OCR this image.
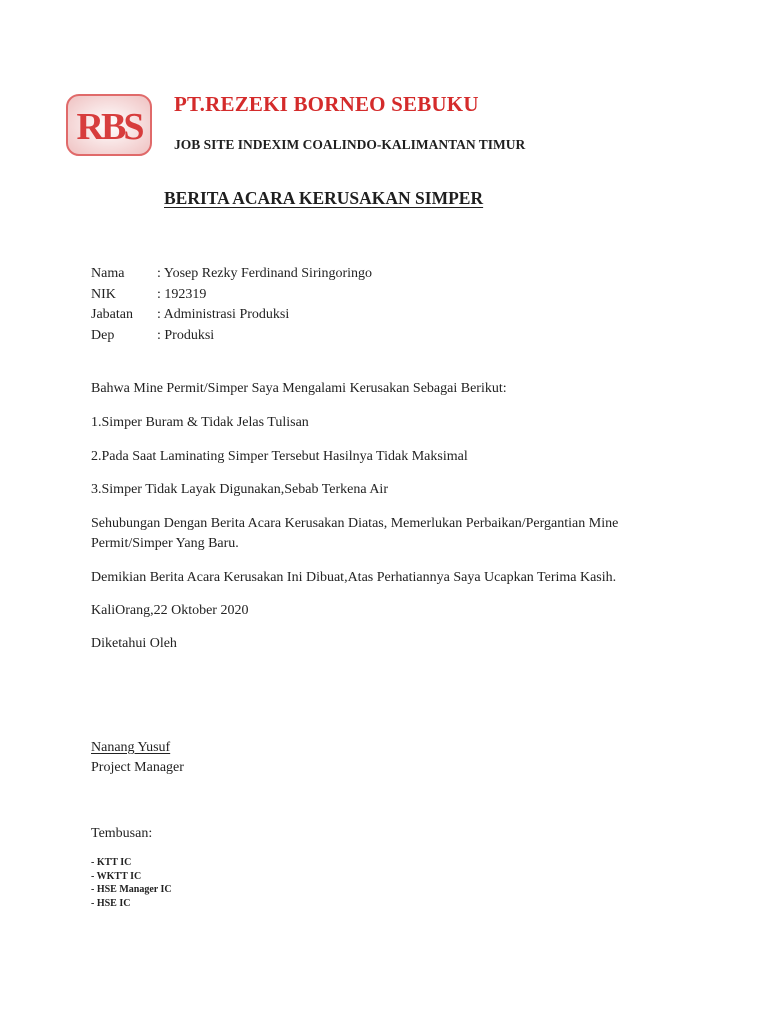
RBS
PT.REZEKI BORNEO SEBUKU
JOB SITE INDEXIM COALINDO-KALIMANTAN TIMUR
BERITA ACARA KERUSAKAN SIMPER
Nama	: Yosep Rezky Ferdinand Siringoringo
NIK	: 192319
Jabatan	: Administrasi Produksi
Dep	: Produksi
Bahwa Mine Permit/Simper Saya Mengalami Kerusakan Sebagai Berikut:
1.Simper Buram & Tidak Jelas Tulisan
2.Pada Saat Laminating Simper Tersebut Hasilnya Tidak Maksimal
3.Simper Tidak Layak Digunakan,Sebab Terkena Air
Sehubungan Dengan Berita Acara Kerusakan Diatas, Memerlukan Perbaikan/Pergantian Mine Permit/Simper Yang Baru.
Demikian Berita Acara Kerusakan Ini Dibuat,Atas Perhatiannya Saya Ucapkan Terima Kasih.
KaliOrang,22 Oktober 2020
Diketahui Oleh
Nanang Yusuf
Project Manager
Tembusan:
- KTT IC
- WKTT IC
- HSE Manager IC
- HSE IC
